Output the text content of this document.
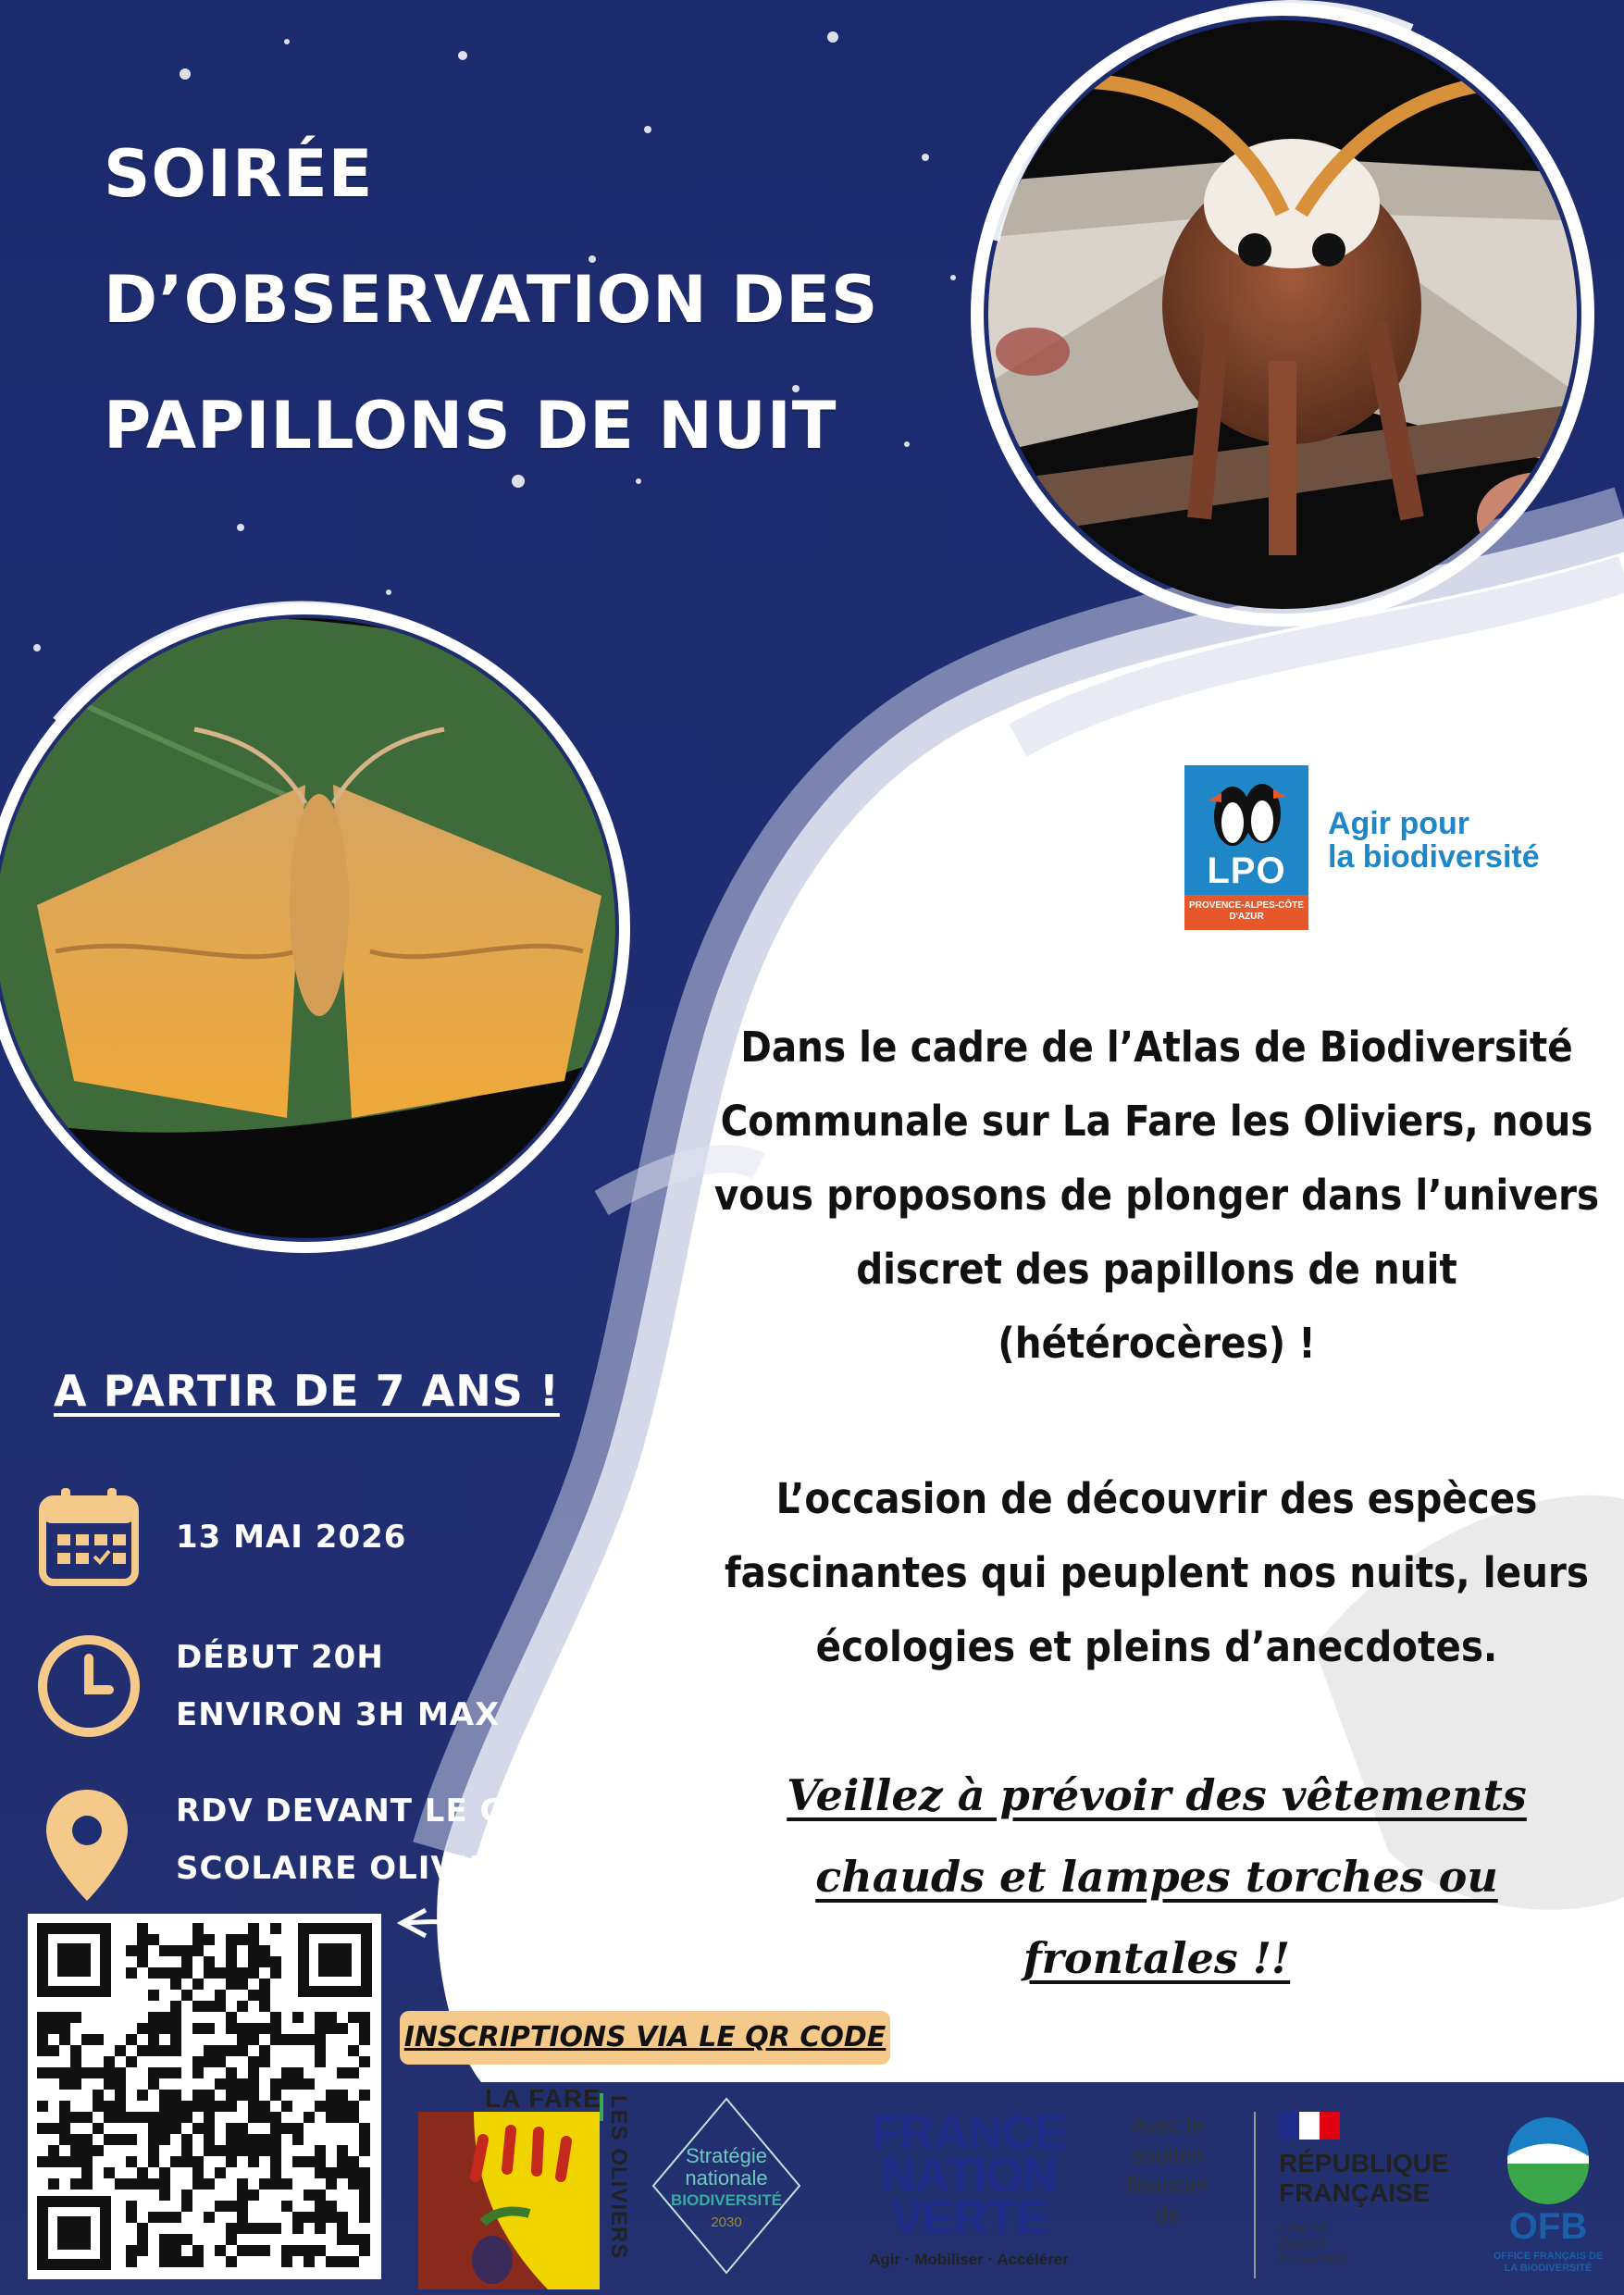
SOIRÉE
D’OBSERVATION DES
PAPILLONS DE NUIT
LPO
PROVENCE-ALPES-CÔTE D'AZUR
Agir pour
la biodiversité
Dans le cadre de l’Atlas de Biodiversité
Communale sur La Fare les Oliviers, nous
vous proposons de plonger dans l’univers
discret des papillons de nuit
(hétérocères) !
L’occasion de découvrir des espèces
fascinantes qui peuplent nos nuits, leurs
écologies et pleins d’anecdotes.
Veillez à prévoir des vêtements
chauds et lampes torches ou
frontales !!
A PARTIR DE 7 ANS !
13 MAI 2026
DÉBUT 20H
ENVIRON 3H MAX
RDV DEVANT LE GROUPE
SCOLAIRE OLIVIER GUIROU
INSCRIPTIONS VIA LE QR CODE
LA FARE LES OLIVIERS	Stratégie
nationale
BIODIVERSITÉ
2030
FRANCE
NATION
VERTE
Agir · Mobiliser · Accélérer
Avec le soutien financier de
RÉPUBLIQUE
FRANÇAISE
Liberté
Égalité
Fraternité
OFB
OFFICE FRANÇAIS DE LA BIODIVERSITÉ
